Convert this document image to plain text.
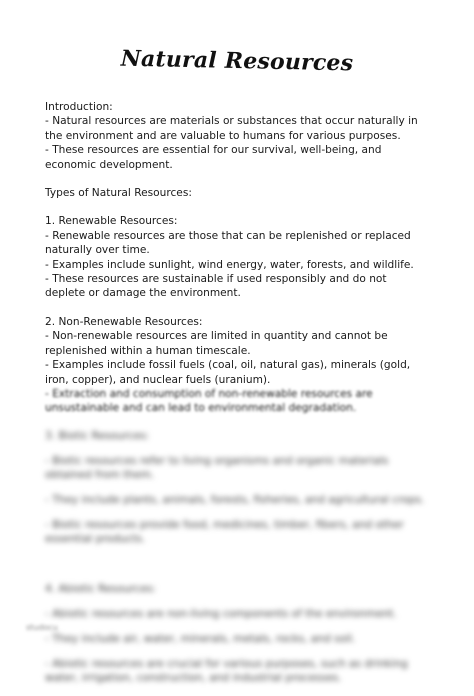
Natural Resources

Introduction:

- Natural resources are materials or substances that occur naturally in the environment and are valuable to humans for various purposes.

- These resources are essential for our survival, well-being, and economic development.

Types of Natural Resources:

1. Renewable Resources:

- Renewable resources are those that can be replenished or replaced naturally over time.

- Examples include sunlight, wind energy, water, forests, and wildlife.

- These resources are sustainable if used responsibly and do not deplete or damage the environment.

2. Non-Renewable Resources:

- Non-renewable resources are limited in quantity and cannot be replenished within a human timescale.

- Examples include fossil fuels (coal, oil, natural gas), minerals (gold, iron, copper), and nuclear fuels (uranium).

- Extraction and consumption of non-renewable resources are unsustainable and can lead to environmental degradation.

3. Biotic Resources:

- Biotic resources refer to living organisms and organic materials obtained from them.

- They include plants, animals, forests, fisheries, and agricultural crops.

- Biotic resources provide food, medicines, timber, fibers, and other essential products.

4. Abiotic Resources:

- Abiotic resources are non-living components of the environment.

- They include air, water, minerals, metals, rocks, and soil.

- Abiotic resources are crucial for various purposes, such as drinking water, irrigation, construction, and industrial processes.

studocu
